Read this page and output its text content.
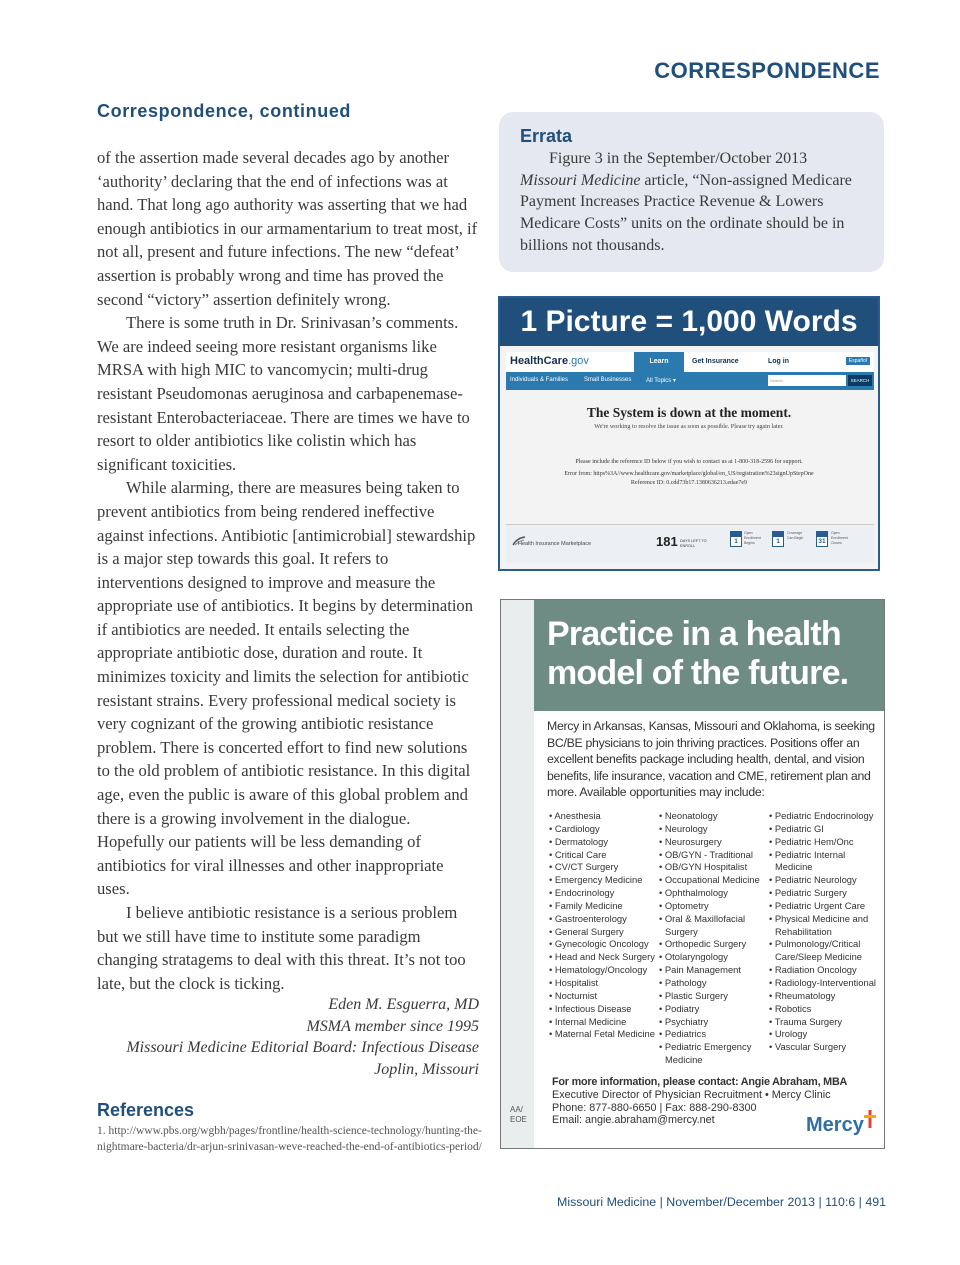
CORRESPONDENCE
Correspondence, continued

of the assertion made several decades ago by another ‘authority’ declaring that the end of infections was at hand. That long ago authority was asserting that we had enough antibiotics in our armamentarium to treat most, if not all, present and future infections. The new “defeat’ assertion is probably wrong and time has proved the second “victory” assertion definitely wrong.

There is some truth in Dr. Srinivasan’s comments. We are indeed seeing more resistant organisms like MRSA with high MIC to vancomycin; multi-drug resistant Pseudomonas aeruginosa and carbapenemase-resistant Enterobacteriaceae. There are times we have to resort to older antibiotics like colistin which has significant toxicities.

While alarming, there are measures being taken to prevent antibiotics from being rendered ineffective against infections. Antibiotic [antimicrobial] stewardship is a major step towards this goal. It refers to interventions designed to improve and measure the appropriate use of antibiotics. It begins by determination if antibiotics are needed. It entails selecting the appropriate antibiotic dose, duration and route. It minimizes toxicity and limits the selection for antibiotic resistant strains. Every professional medical society is very cognizant of the growing antibiotic resistance problem. There is concerted effort to find new solutions to the old problem of antibiotic resistance. In this digital age, even the public is aware of this global problem and there is a growing involvement in the dialogue. Hopefully our patients will be less demanding of antibiotics for viral illnesses and other inappropriate uses.

I believe antibiotic resistance is a serious problem but we still have time to institute some paradigm changing stratagems to deal with this threat. It’s not too late, but the clock is ticking.

Eden M. Esguerra, MD
MSMA member since 1995
Missouri Medicine Editorial Board: Infectious Disease
Joplin, Missouri
References
1. http://www.pbs.org/wgbh/pages/frontline/health-science-technology/hunting-the-nightmare-bacteria/dr-arjun-srinivasan-weve-reached-the-end-of-antibiotics-period/
Errata
Figure 3 in the September/October 2013 Missouri Medicine article, “Non-assigned Medicare Payment Increases Practice Revenue & Lowers Medicare Costs” units on the ordinate should be in billions not thousands.
1 Picture = 1,000 Words
HealthCare.gov	Learn	Get Insurance	Log in	Español
Individuals & Families	Small Businesses All Topics ▾	Search	SEARCH
The System is down at the moment.
We're working to resolve the issue as soon as possible. Please try again later.
Please include the reference ID below if you wish to contact us at 1-800-318-2596 for support.
Error from: https%3A//www.healthcare.gov/marketplace/global/en_US/registration%23signUpStepOne
Reference ID: 0.cdd73b17.1380636213.edae7e9
Health Insurance Marketplace	181 DAYS LEFT TO ENROLL
1
Open Enrollment Begins	1
Coverage Can Begin
31
Open Enrollment Closes
Practice in a health model of the future.
Mercy in Arkansas, Kansas, Missouri and Oklahoma, is seeking BC/BE physicians to join thriving practices. Positions offer an excellent benefits package including health, dental, and vision benefits, life insurance, vacation and CME, retirement plan and more. Available opportunities may include:
• Anesthesia
• Cardiology
• Dermatology
• Critical Care
• CV/CT Surgery
• Emergency Medicine
• Endocrinology
• Family Medicine
• Gastroenterology
• General Surgery
• Gynecologic Oncology
• Head and Neck Surgery
• Hematology/Oncology
• Hospitalist
• Nocturnist
• Infectious Disease
• Internal Medicine
• Maternal Fetal Medicine
• Neonatology
• Neurology
• Neurosurgery
• OB/GYN - Traditional
• OB/GYN Hospitalist
• Occupational Medicine
• Ophthalmology
• Optometry
• Oral & Maxillofacial Surgery
• Orthopedic Surgery
• Otolaryngology
• Pain Management
• Pathology
• Plastic Surgery
• Podiatry
• Psychiatry
• Pediatrics
• Pediatric Emergency Medicine
• Pediatric Endocrinology
• Pediatric GI
• Pediatric Hem/Onc
• Pediatric Internal Medicine
• Pediatric Neurology
• Pediatric Surgery
• Pediatric Urgent Care
• Physical Medicine and Rehabilitation
• Pulmonology/Critical Care/Sleep Medicine
• Radiation Oncology
• Radiology-Interventional
• Rheumatology
• Robotics
• Trauma Surgery
• Urology
• Vascular Surgery
For more information, please contact: Angie Abraham, MBA
Executive Director of Physician Recruitment • Mercy Clinic
Phone: 877-880-6650 | Fax: 888-290-8300
Email: angie.abraham@mercy.net
AA/ EOE	Mercy
Missouri Medicine | November/December 2013 | 110:6 | 491
